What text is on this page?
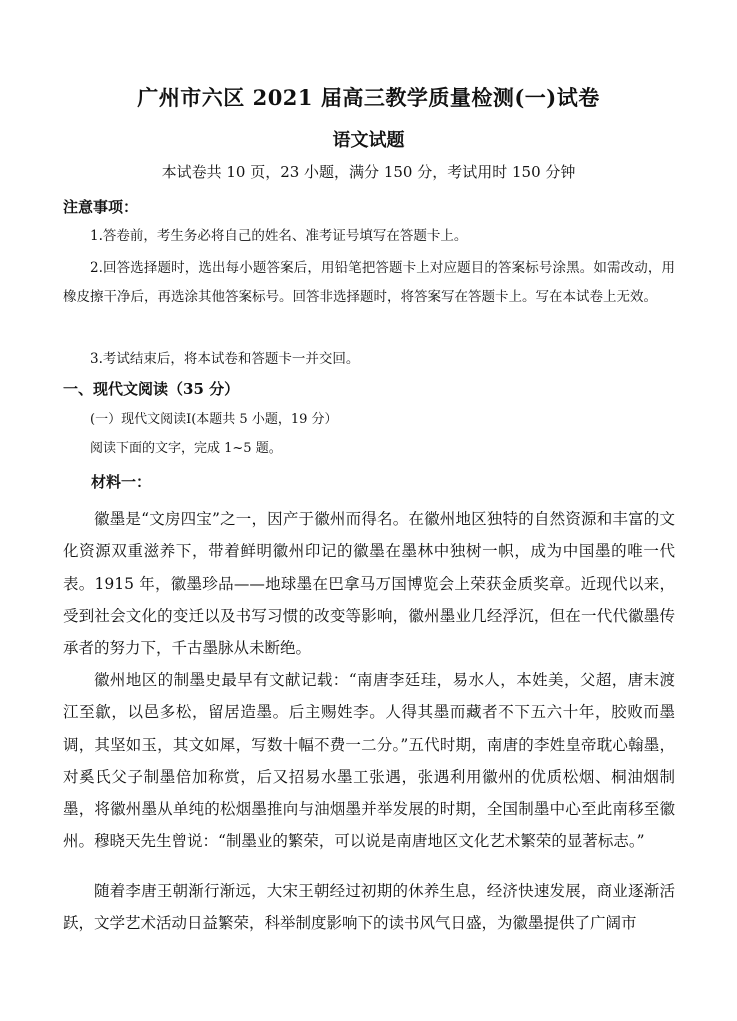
广州市六区 2021 届高三教学质量检测(一)试卷
语文试题
本试卷共 10 页，23 小题，满分 150 分，考试用时 150 分钟
注意事项：
1.答卷前，考生务必将自己的姓名、准考证号填写在答题卡上。
2.回答选择题时，选出每小题答案后，用铅笔把答题卡上对应题目的答案标号涂黑。如需改动，用橡皮擦干净后，再选涂其他答案标号。回答非选择题时，将答案写在答题卡上。写在本试卷上无效。
3.考试结束后，将本试卷和答题卡一并交回。
一、现代文阅读（35 分）
(一）现代文阅读Ⅰ(本题共 5 小题，19 分）
阅读下面的文字，完成 1~5 题。
材料一：
徽墨是“文房四宝”之一，因产于徽州而得名。在徽州地区独特的自然资源和丰富的文化资源双重滋养下，带着鲜明徽州印记的徽墨在墨林中独树一帜，成为中国墨的唯一代表。1915 年，徽墨珍品——地球墨在巴拿马万国博览会上荣获金质奖章。近现代以来，受到社会文化的变迁以及书写习惯的改变等影响，徽州墨业几经浮沉，但在一代代徽墨传承者的努力下，千古墨脉从未断绝。
徽州地区的制墨史最早有文献记载：“南唐李廷珪，易水人，本姓美，父超，唐末渡江至歙，以邑多松，留居造墨。后主赐姓李。人得其墨而藏者不下五六十年，胶败而墨调，其坚如玉，其文如犀，写数十幅不费一二分。”五代时期，南唐的李姓皇帝耽心翰墨，对奚氏父子制墨倍加称赏，后又招易水墨工张遇，张遇利用徽州的优质松烟、桐油烟制墨，将徽州墨从单纯的松烟墨推向与油烟墨并举发展的时期，全国制墨中心至此南移至徽州。穆晓天先生曾说：“制墨业的繁荣，可以说是南唐地区文化艺术繁荣的显著标志。”
随着李唐王朝渐行渐远，大宋王朝经过初期的休养生息，经济快速发展，商业逐渐活跃，文学艺术活动日益繁荣，科举制度影响下的读书风气日盛，为徽墨提供了广阔市
